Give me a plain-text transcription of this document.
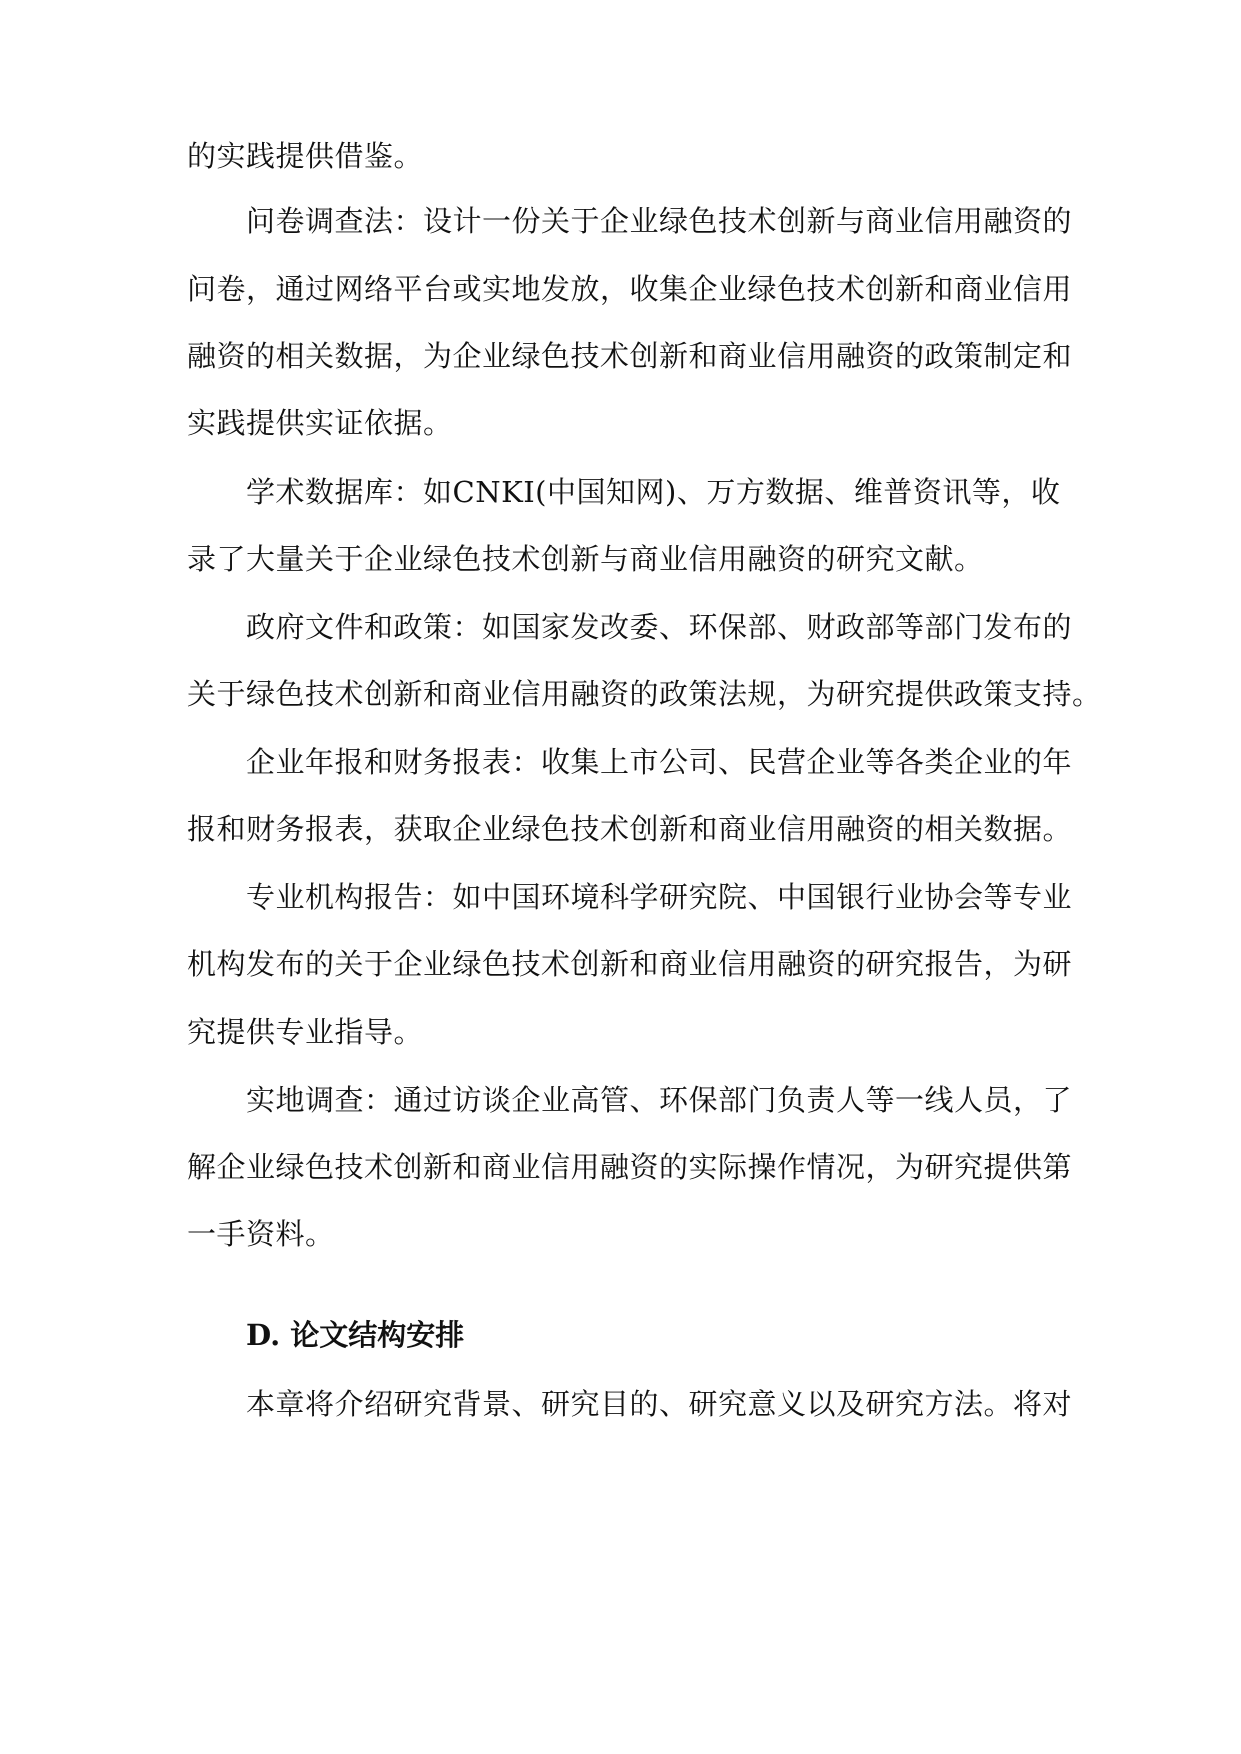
的实践提供借鉴。
问卷调查法：设计一份关于企业绿色技术创新与商业信用融资的
问卷，通过网络平台或实地发放，收集企业绿色技术创新和商业信用
融资的相关数据，为企业绿色技术创新和商业信用融资的政策制定和
实践提供实证依据。
学术数据库：如CNKI(中国知网)、万方数据、维普资讯等，收
录了大量关于企业绿色技术创新与商业信用融资的研究文献。
政府文件和政策：如国家发改委、环保部、财政部等部门发布的
关于绿色技术创新和商业信用融资的政策法规，为研究提供政策支持。
企业年报和财务报表：收集上市公司、民营企业等各类企业的年
报和财务报表，获取企业绿色技术创新和商业信用融资的相关数据。
专业机构报告：如中国环境科学研究院、中国银行业协会等专业
机构发布的关于企业绿色技术创新和商业信用融资的研究报告，为研
究提供专业指导。
实地调查：通过访谈企业高管、环保部门负责人等一线人员，了
解企业绿色技术创新和商业信用融资的实际操作情况，为研究提供第
一手资料。
D. 论文结构安排
本章将介绍研究背景、研究目的、研究意义以及研究方法。将对
